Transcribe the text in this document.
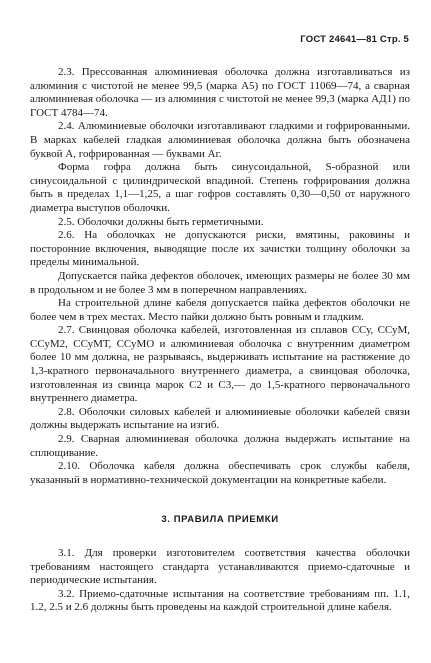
ГОСТ 24641—81 Стр. 5

2.3. Прессованная алюминиевая оболочка должна изготавливаться из алюминия с чистотой не менее 99,5 (марка А5) по ГОСТ 11069—74, а сварная алюминиевая оболочка — из алюминия с чистотой не менее 99,3 (марка АД1) по ГОСТ 4784—74.

2.4. Алюминиевые оболочки изготавливают гладкими и гофрированными. В марках кабелей гладкая алюминиевая оболочка должна быть обозначена буквой А, гофрированная — буквами Аг.

Форма гофра должна быть синусоидальной, S-образной или синусоидальной с цилиндрической впадиной. Степень гофрирования должна быть в пределах 1,1—1,25, а шаг гофров составлять 0,30—0,50 от наружного диаметра выступов оболочки.

2.5. Оболочки должны быть герметичными.

2.6. На оболочках не допускаются риски, вмятины, раковины и посторонние включения, выводящие после их зачистки толщину оболочки за пределы минимальной.

Допускается пайка дефектов оболочек, имеющих размеры не более 30 мм в продольном и не более 3 мм в поперечном направлениях.

На строительной длине кабеля допускается пайка дефектов оболочки не более чем в трех местах. Место пайки должно быть ровным и гладким.

2.7. Свинцовая оболочка кабелей, изготовленная из сплавов ССу, ССуМ, ССуМ2, ССуМТ, ССуМО и алюминиевая оболочка с внутренним диаметром более 10 мм должна, не разрываясь, выдерживать испытание на растяжение до 1,3-кратного первоначального внутреннего диаметра, а свинцовая оболочка, изготовленная из свинца марок С2 и С3,— до 1,5-кратного первоначального внутреннего диаметра.

2.8. Оболочки силовых кабелей и алюминиевые оболочки кабелей связи должны выдержать испытание на изгиб.

2.9. Сварная алюминиевая оболочка должна выдержать испытание на сплющивание.

2.10. Оболочка кабеля должна обеспечивать срок службы кабеля, указанный в нормативно-технической документации на конкретные кабели.

3. ПРАВИЛА ПРИЕМКИ

3.1. Для проверки изготовителем соответствия качества оболочки требованиям настоящего стандарта устанавливаются приемо-сдаточные и периодические испытания.

3.2. Приемо-сдаточные испытания на соответствие требованиям пп. 1.1, 1.2, 2.5 и 2.6 должны быть проведены на каждой строительной длине кабеля.
